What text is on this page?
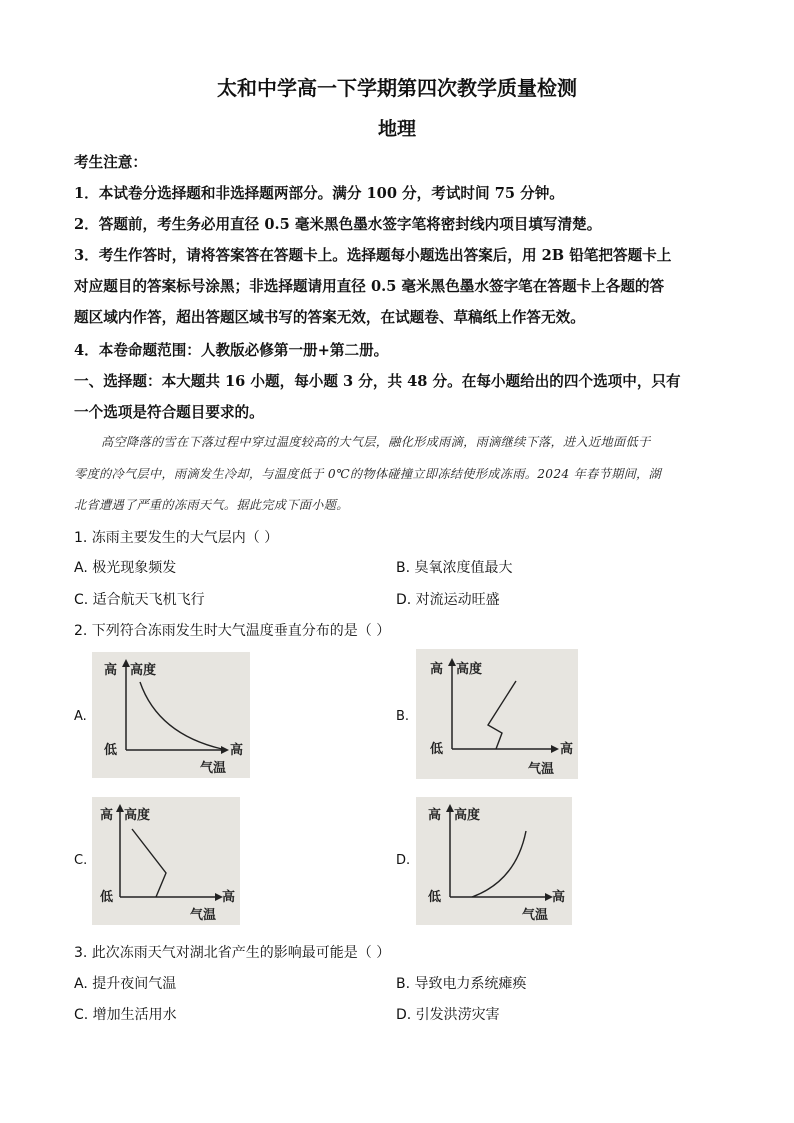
太和中学高一下学期第四次教学质量检测
地理
考生注意：
1．本试卷分选择题和非选择题两部分。满分 100 分，考试时间 75 分钟。
2．答题前，考生务必用直径 0.5 毫米黑色墨水签字笔将密封线内项目填写清楚。
3．考生作答时，请将答案答在答题卡上。选择题每小题选出答案后，用 2B 铅笔把答题卡上
对应题目的答案标号涂黑；非选择题请用直径 0.5 毫米黑色墨水签字笔在答题卡上各题的答
题区域内作答，超出答题区域书写的答案无效，在试题卷、草稿纸上作答无效。
4．本卷命题范围：人教版必修第一册+第二册。
一、选择题：本大题共 16 小题，每小题 3 分，共 48 分。在每小题给出的四个选项中，只有
一个选项是符合题目要求的。
高空降落的雪在下落过程中穿过温度较高的大气层，融化形成雨滴，雨滴继续下落，进入近地面低于
零度的冷气层中，雨滴发生冷却，与温度低于 0℃的物体碰撞立即冻结使形成冻雨。2024 年春节期间，湖
北省遭遇了严重的冻雨天气。据此完成下面小题。
1. 冻雨主要发生的大气层内（ ）
A. 极光现象频发	B. 臭氧浓度值最大
C. 适合航天飞机飞行	D. 对流运动旺盛
2. 下列符合冻雨发生时大气温度垂直分布的是（ ）
A.
高 高度
低	高
气温
B.
高 高度
低	高
气温
C.
高 高度
低	高
气温
D.
高 高度
低	高
气温
3. 此次冻雨天气对湖北省产生的影响最可能是（ ）
A. 提升夜间气温	B. 导致电力系统瘫痪
C. 增加生活用水	D. 引发洪涝灾害
